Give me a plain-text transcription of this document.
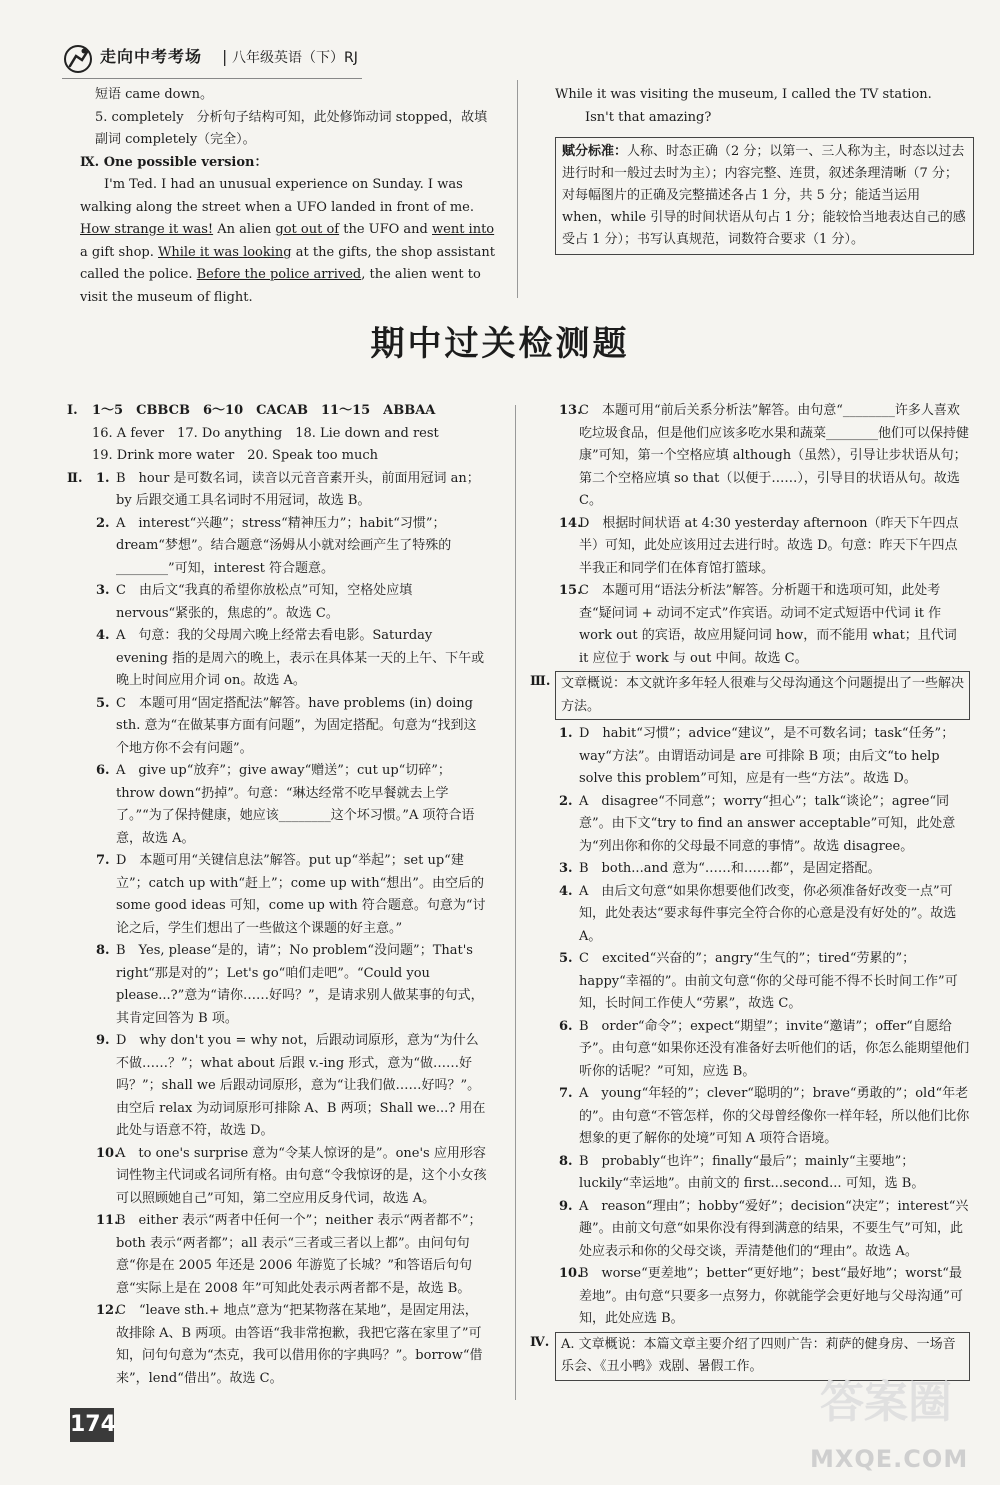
走向中考考场 | 八年级英语（下）RJ
短语 came down。
5. completely　分析句子结构可知，此处修饰动词 stopped，故填副词 completely（完全）。
Ⅸ. One possible version：
I'm Ted. I had an unusual experience on Sunday. I was walking along the street when a UFO landed in front of me. How strange it was! An alien got out of the UFO and went into a gift shop. While it was looking at the gifts, the shop assistant called the police. Before the police arrived, the alien went to visit the museum of flight.
While it was visiting the museum, I called the TV station.
Isn't that amazing?
赋分标准：人称、时态正确（2 分；以第一、三人称为主，时态以过去进行时和一般过去时为主）；内容完整、连贯，叙述条理清晰（7 分；对每幅图片的正确及完整描述各占 1 分，共 5 分；能适当运用 when，while 引导的时间状语从句占 1 分；能较恰当地表达自己的感受占 1 分）；书写认真规范，词数符合要求（1 分）。
期中过关检测题
Ⅰ. 1～5　CBBCB　6～10　CACAB　11～15　ABBAA
16. A fever　17. Do anything　18. Lie down and rest
19. Drink more water　20. Speak too much
Ⅱ. 1. B　hour 是可数名词，读音以元音音素开头，前面用冠词 an；by 后跟交通工具名词时不用冠词，故选 B。
2. A　interest“兴趣”；stress“精神压力”；habit“习惯”；dream“梦想”。结合题意“汤姆从小就对绘画产生了特殊的________”可知，interest 符合题意。
3. C　由后文“我真的希望你放松点”可知，空格处应填 nervous“紧张的，焦虑的”。故选 C。
4. A　句意：我的父母周六晚上经常去看电影。Saturday evening 指的是周六的晚上，表示在具体某一天的上午、下午或晚上时间应用介词 on。故选 A。
5. C　本题可用“固定搭配法”解答。have problems (in) doing sth. 意为“在做某事方面有问题”，为固定搭配。句意为“找到这个地方你不会有问题”。
6. A　give up“放弃”；give away“赠送”；cut up“切碎”；throw down“扔掉”。句意：“琳达经常不吃早餐就去上学了。”“为了保持健康，她应该________这个坏习惯。”A 项符合语意，故选 A。
7. D　本题可用“关键信息法”解答。put up“举起”；set up“建立”；catch up with“赶上”；come up with“想出”。由空后的 some good ideas 可知，come up with 符合题意。句意为“讨论之后，学生们想出了一些做这个课题的好主意。”
8. B　Yes, please“是的，请”；No problem“没问题”；That's right“那是对的”；Let's go“咱们走吧”。“Could you please...?”意为“请你……好吗？”，是请求别人做某事的句式，其肯定回答为 B 项。
9. D　why don't you = why not，后跟动词原形，意为“为什么不做……？”；what about 后跟 v.-ing 形式，意为“做……好吗？”；shall we 后跟动词原形，意为“让我们做……好吗？”。由空后 relax 为动词原形可排除 A、B 两项；Shall we...? 用在此处与语意不符，故选 D。
10.
A　to one's surprise 意为“令某人惊讶的是”。one's 应用形容词性物主代词或名词所有格。由句意“令我惊讶的是，这个小女孩可以照顾她自己”可知，第二空应用反身代词，故选 A。
11.
B　either 表示“两者中任何一个”；neither 表示“两者都不”；both 表示“两者都”；all 表示“三者或三者以上都”。由问句句意“你是在 2005 年还是 2006 年游览了长城？”和答语后句句意“实际上是在 2008 年”可知此处表示两者都不是，故选 B。
12.
C　“leave sth.+ 地点”意为“把某物落在某地”，是固定用法，故排除 A、B 两项。由答语“我非常抱歉，我把它落在家里了”可知，问句句意为“杰克，我可以借用你的字典吗？”。borrow“借来”，lend“借出”。故选 C。
13.
C　本题可用“前后关系分析法”解答。由句意“________许多人喜欢吃垃圾食品，但是他们应该多吃水果和蔬菜________他们可以保持健康”可知，第一个空格应填 although（虽然），引导让步状语从句；第二个空格应填 so that（以便于……），引导目的状语从句。故选 C。
14.
D　根据时间状语 at 4:30 yesterday afternoon（昨天下午四点半）可知，此处应该用过去进行时。故选 D。句意：昨天下午四点半我正和同学们在体育馆打篮球。
15.
C　本题可用“语法分析法”解答。分析题干和选项可知，此处考查“疑问词 + 动词不定式”作宾语。动词不定式短语中代词 it 作 work out 的宾语，故应用疑问词 how，而不能用 what；且代词 it 应位于 work 与 out 中间。故选 C。
Ⅲ. 文章概说：本文就许多年轻人很难与父母沟通这个问题提出了一些解决方法。
1. D　habit“习惯”；advice“建议”，是不可数名词；task“任务”；way“方法”。由谓语动词是 are 可排除 B 项；由后文“to help solve this problem”可知，应是有一些“方法”。故选 D。
2. A　disagree“不同意”；worry“担心”；talk“谈论”；agree“同意”。由下文“try to find an answer acceptable”可知，此处意为“列出你和你的父母最不同意的事情”。故选 disagree。
3. B　both...and 意为“……和……都”，是固定搭配。
4. A　由后文句意“如果你想要他们改变，你必须准备好改变一点”可知，此处表达“要求每件事完全符合你的心意是没有好处的”。故选 A。
5. C　excited“兴奋的”；angry“生气的”；tired“劳累的”；happy“幸福的”。由前文句意“你的父母可能不得不长时间工作”可知，长时间工作使人“劳累”，故选 C。
6. B　order“命令”；expect“期望”；invite“邀请”；offer“自愿给予”。由句意“如果你还没有准备好去听他们的话，你怎么能期望他们听你的话呢？”可知，应选 B。
7. A　young“年轻的”；clever“聪明的”；brave“勇敢的”；old“年老的”。由句意“不管怎样，你的父母曾经像你一样年轻，所以他们比你想象的更了解你的处境”可知 A 项符合语境。
8. B　probably“也许”；finally“最后”；mainly“主要地”；luckily“幸运地”。由前文的 first...second... 可知，选 B。
9. A　reason“理由”；hobby“爱好”；decision“决定”；interest“兴趣”。由前文句意“如果你没有得到满意的结果，不要生气”可知，此处应表示和你的父母交谈，弄清楚他们的“理由”。故选 A。
10.
B　worse“更差地”；better“更好地”；best“最好地”；worst“最差地”。由句意“只要多一点努力，你就能学会更好地与父母沟通”可知，此处应选 B。
Ⅳ. A. 文章概说：本篇文章主要介绍了四则广告：莉萨的健身房、一场音乐会、《丑小鸭》戏剧、暑假工作。
174	答案圈
MXQE.COM
